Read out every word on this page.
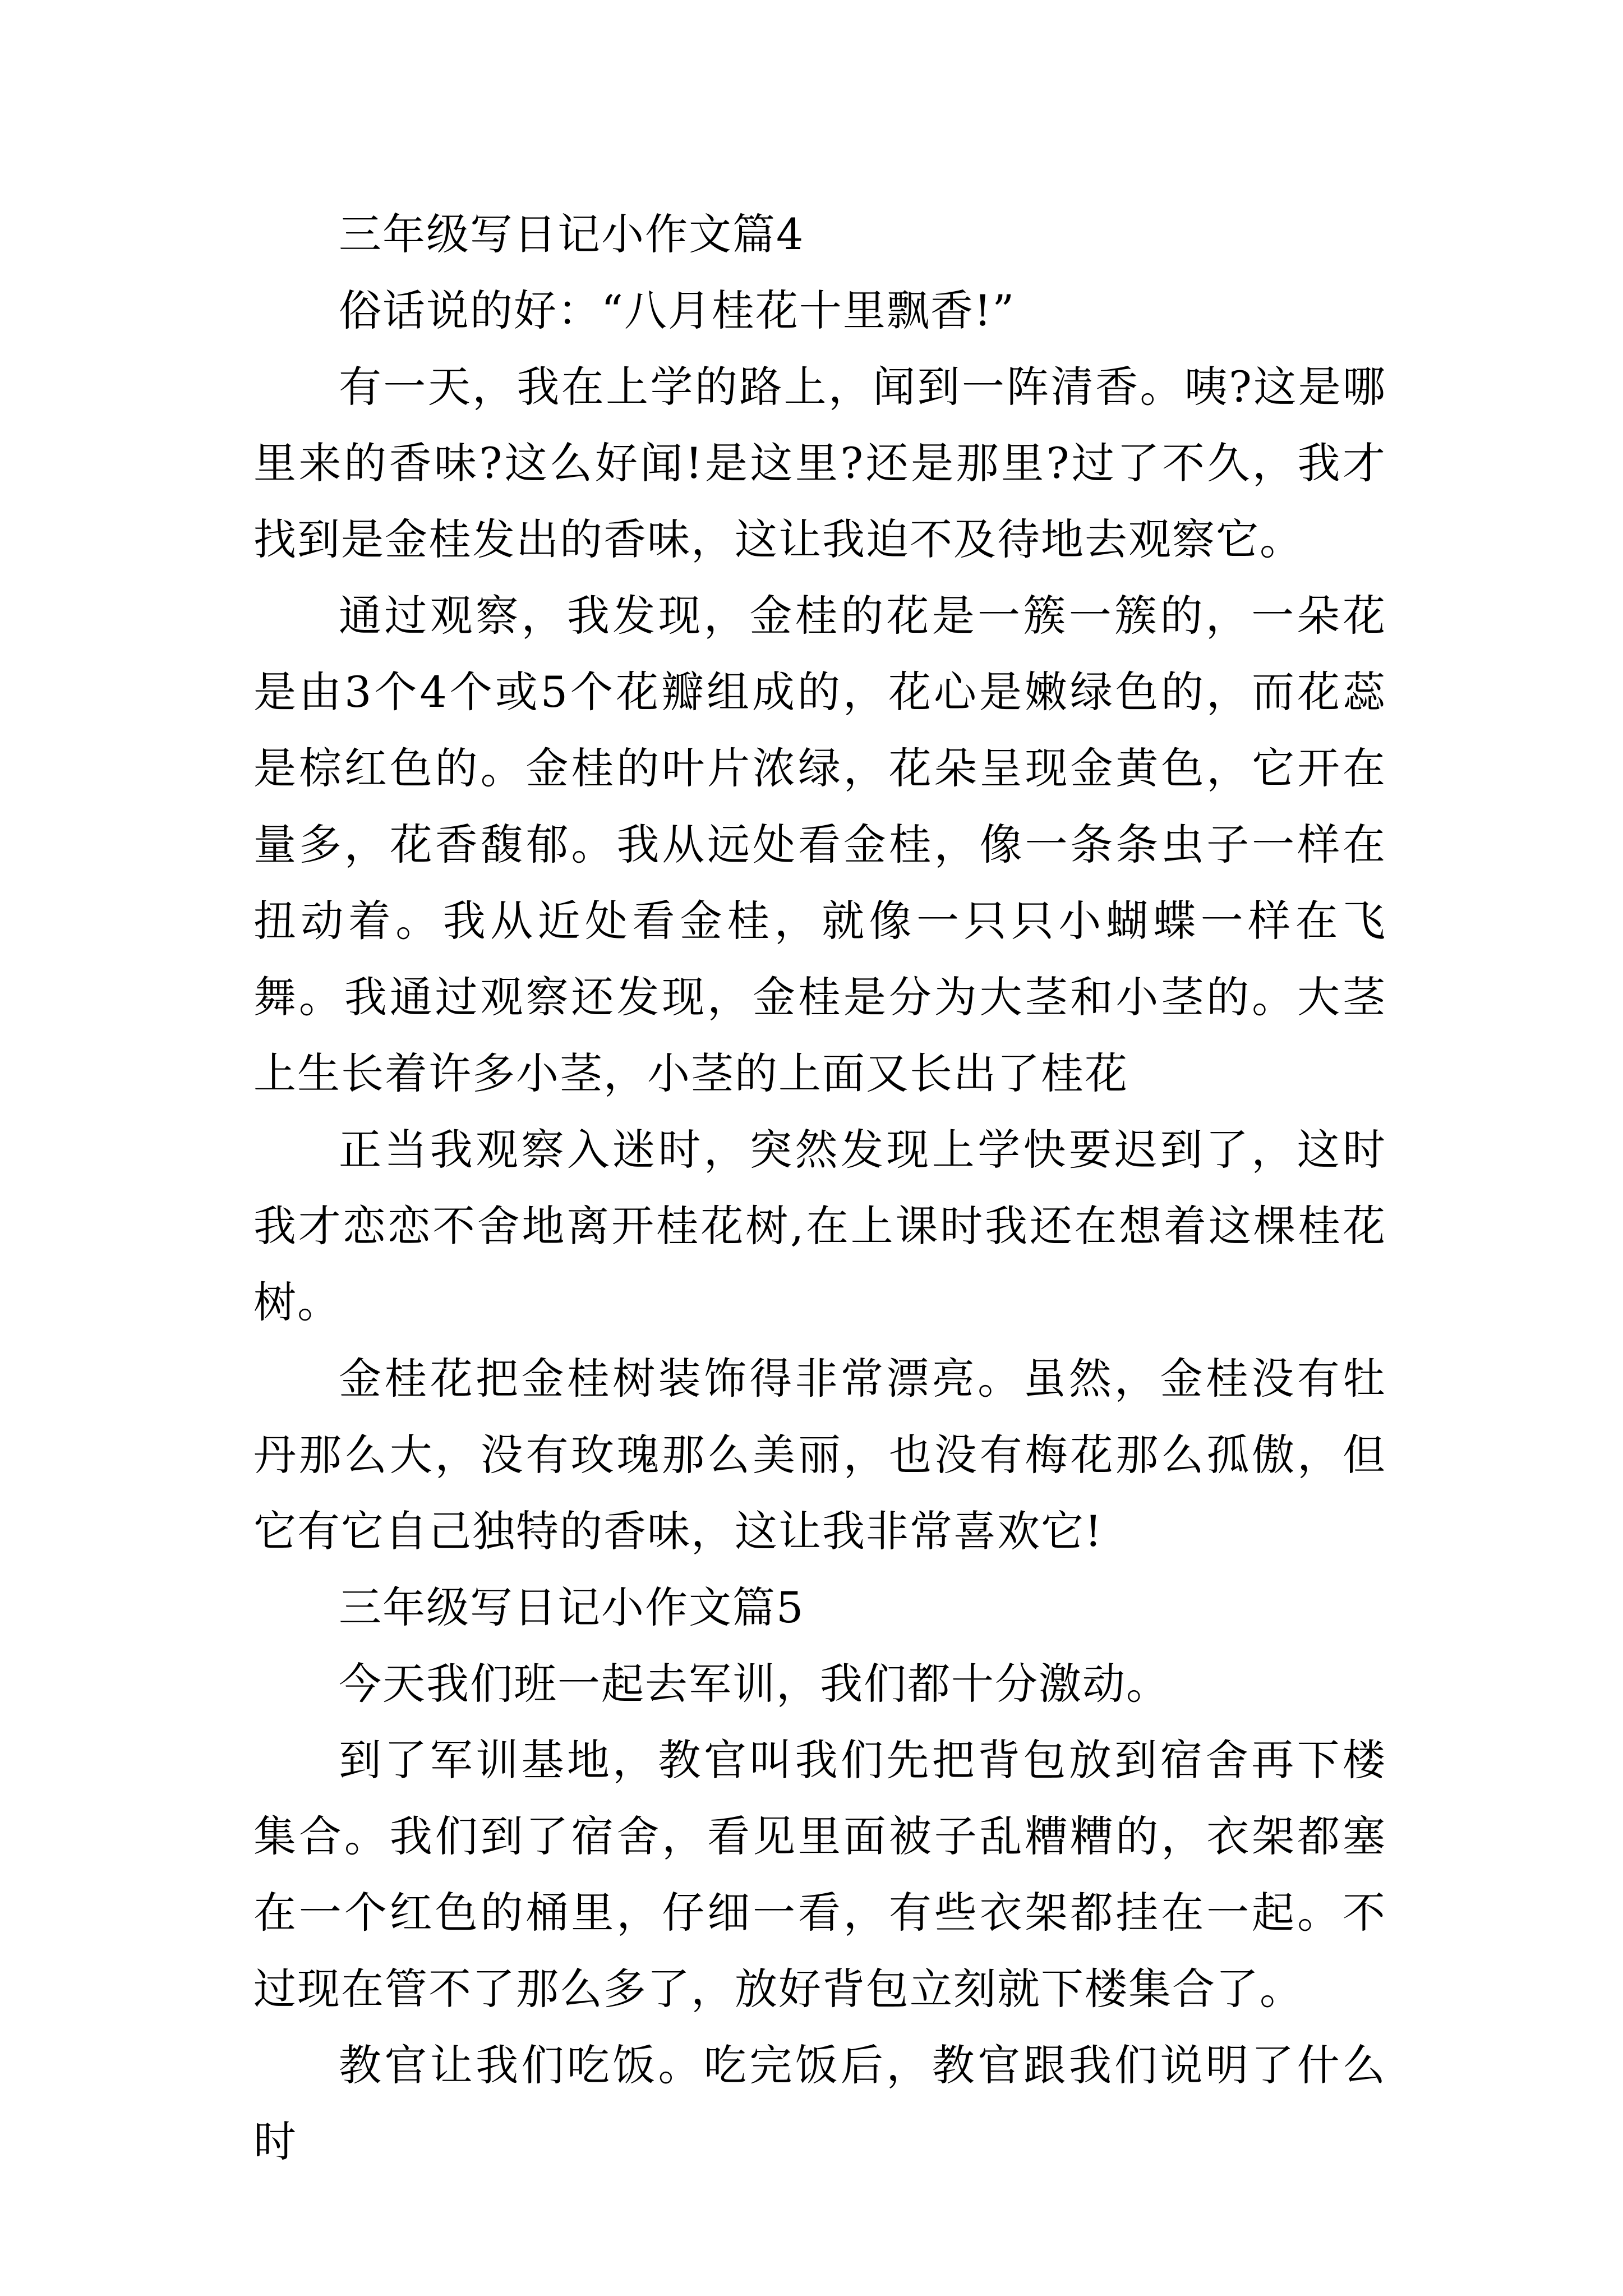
三年级写日记小作文篇4

俗话说的好：“八月桂花十里飘香!”

有一天，我在上学的路上，闻到一阵清香。咦?这是哪里来的香味?这么好闻!是这里?还是那里?过了不久，我才找到是金桂发出的香味，这让我迫不及待地去观察它。

通过观察，我发现，金桂的花是一簇一簇的，一朵花是由3个4个或5个花瓣组成的，花心是嫩绿色的，而花蕊是棕红色的。金桂的叶片浓绿，花朵呈现金黄色，它开在量多，花香馥郁。我从远处看金桂，像一条条虫子一样在扭动着。我从近处看金桂，就像一只只小蝴蝶一样在飞舞。我通过观察还发现，金桂是分为大茎和小茎的。大茎上生长着许多小茎，小茎的上面又长出了桂花

正当我观察入迷时，突然发现上学快要迟到了，这时我才恋恋不舍地离开桂花树,在上课时我还在想着这棵桂花树。

金桂花把金桂树装饰得非常漂亮。虽然，金桂没有牡丹那么大，没有玫瑰那么美丽，也没有梅花那么孤傲，但它有它自己独特的香味，这让我非常喜欢它!

三年级写日记小作文篇5

今天我们班一起去军训，我们都十分激动。

到了军训基地，教官叫我们先把背包放到宿舍再下楼集合。我们到了宿舍，看见里面被子乱糟糟的，衣架都塞在一个红色的桶里，仔细一看，有些衣架都挂在一起。不过现在管不了那么多了，放好背包立刻就下楼集合了。

教官让我们吃饭。吃完饭后，教官跟我们说明了什么时
